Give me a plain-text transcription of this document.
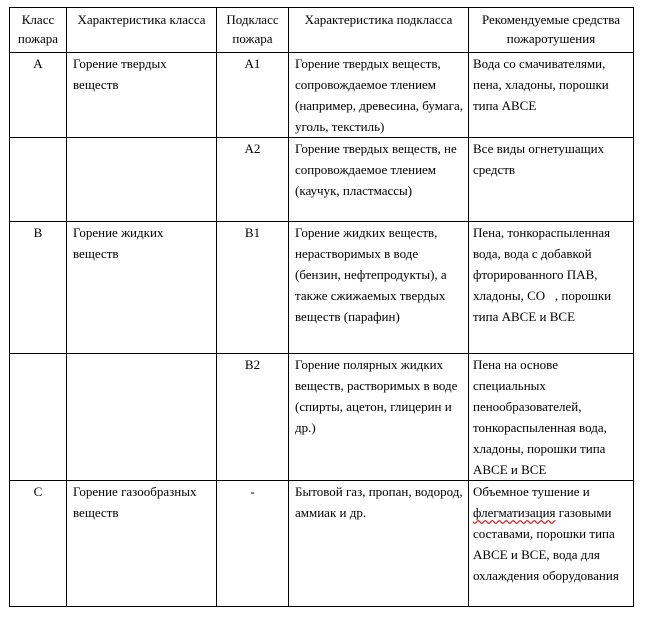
Класс пожара	Характеристика класса	Подкласс пожара	Характеристика подкласса	Рекомендуемые средства пожаротушения
A	Горение твердых веществ	A1	Горение твердых веществ, сопровождаемое тлением (например, древесина, бумага, уголь, текстиль)	Вода со смачивателями, пена, хладоны, порошки типа ABCE
		A2	Горение твердых веществ, не сопровождаемое тлением (каучук, пластмассы)	Все виды огнетушащих средств
B	Горение жидких веществ	B1	Горение жидких веществ, нерастворимых в воде (бензин, нефтепродукты), а также сжижаемых твердых веществ (парафин)	Пена, тонкораспыленная вода, вода с добавкой фторированного ПАВ, хладоны, СО   , порошки типа ABCE и BCE
		B2	Горение полярных жидких веществ, растворимых в воде (спирты, ацетон, глицерин и др.)	Пена на основе специальных пенообразователей, тонкораспыленная вода, хладоны, порошки типа ABCE и BCE
C	Горение газообразных веществ	-	Бытовой газ, пропан, водород, аммиак и др.	Объемное тушение и флегматизация газовыми составами, порошки типа ABCE и BCE, вода для охлаждения оборудования
